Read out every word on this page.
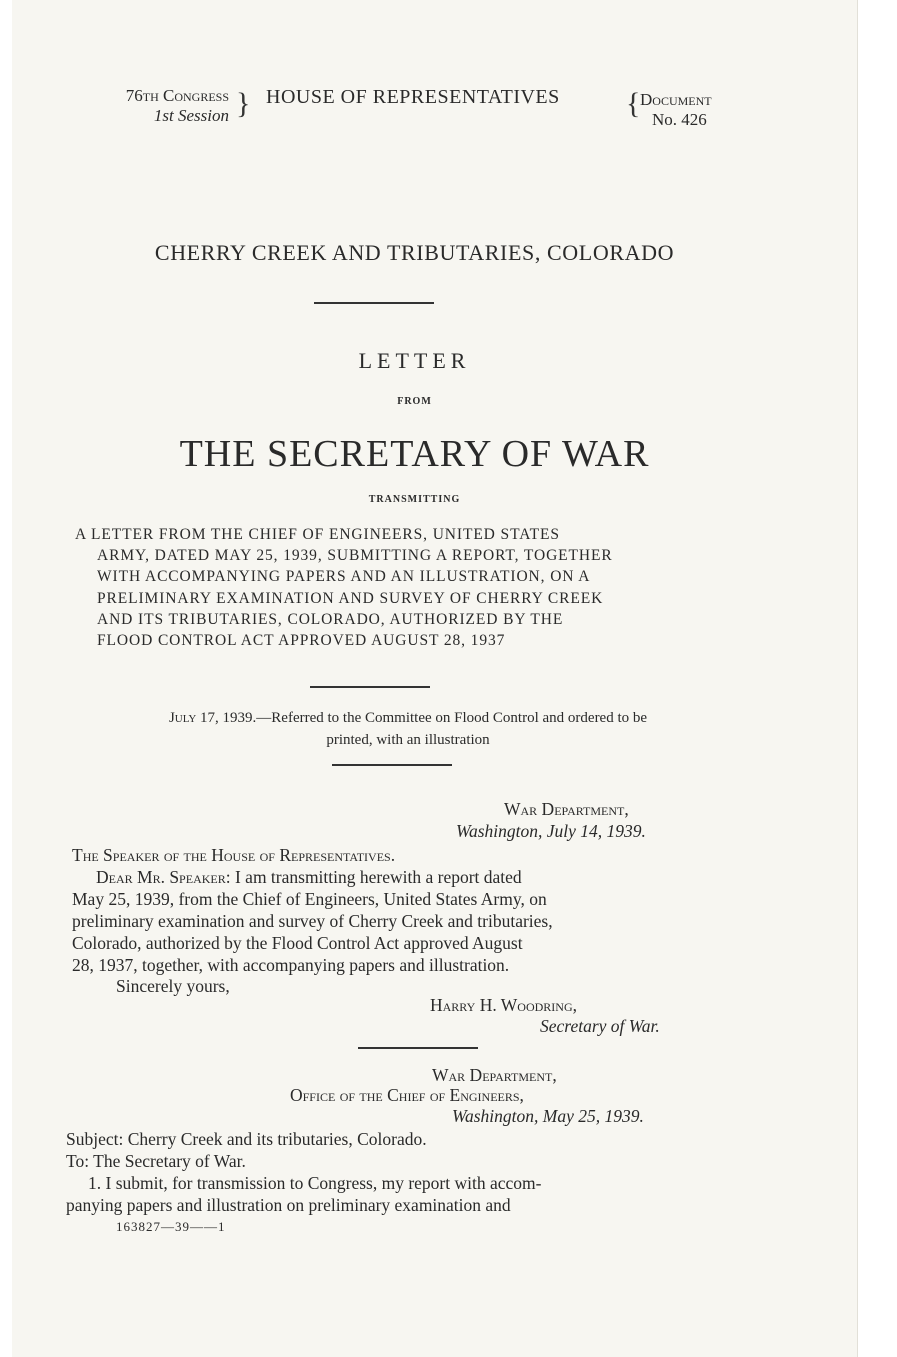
76th Congress
1st Session } HOUSE OF REPRESENTATIVES { Document
No. 426
CHERRY CREEK AND TRIBUTARIES, COLORADO
LETTER
FROM
THE SECRETARY OF WAR
TRANSMITTING
A LETTER FROM THE CHIEF OF ENGINEERS, UNITED STATES
ARMY, DATED MAY 25, 1939, SUBMITTING A REPORT, TOGETHER
WITH ACCOMPANYING PAPERS AND AN ILLUSTRATION, ON A
PRELIMINARY EXAMINATION AND SURVEY OF CHERRY CREEK
AND ITS TRIBUTARIES, COLORADO, AUTHORIZED BY THE
FLOOD CONTROL ACT APPROVED AUGUST 28, 1937
July 17, 1939.—Referred to the Committee on Flood Control and ordered to be
printed, with an illustration
War Department,
Washington, July 14, 1939.
The Speaker of the House of Representatives.
Dear Mr. Speaker: I am transmitting herewith a report dated
May 25, 1939, from the Chief of Engineers, United States Army, on
preliminary examination and survey of Cherry Creek and tributaries,
Colorado, authorized by the Flood Control Act approved August
28, 1937, together, with accompanying papers and illustration.
Sincerely yours,
Harry H. Woodring,
Secretary of War.
War Department,
Office of the Chief of Engineers,
Washington, May 25, 1939.
Subject: Cherry Creek and its tributaries, Colorado.
To: The Secretary of War.
1. I submit, for transmission to Congress, my report with accom-
panying papers and illustration on preliminary examination and
163827—39——1
